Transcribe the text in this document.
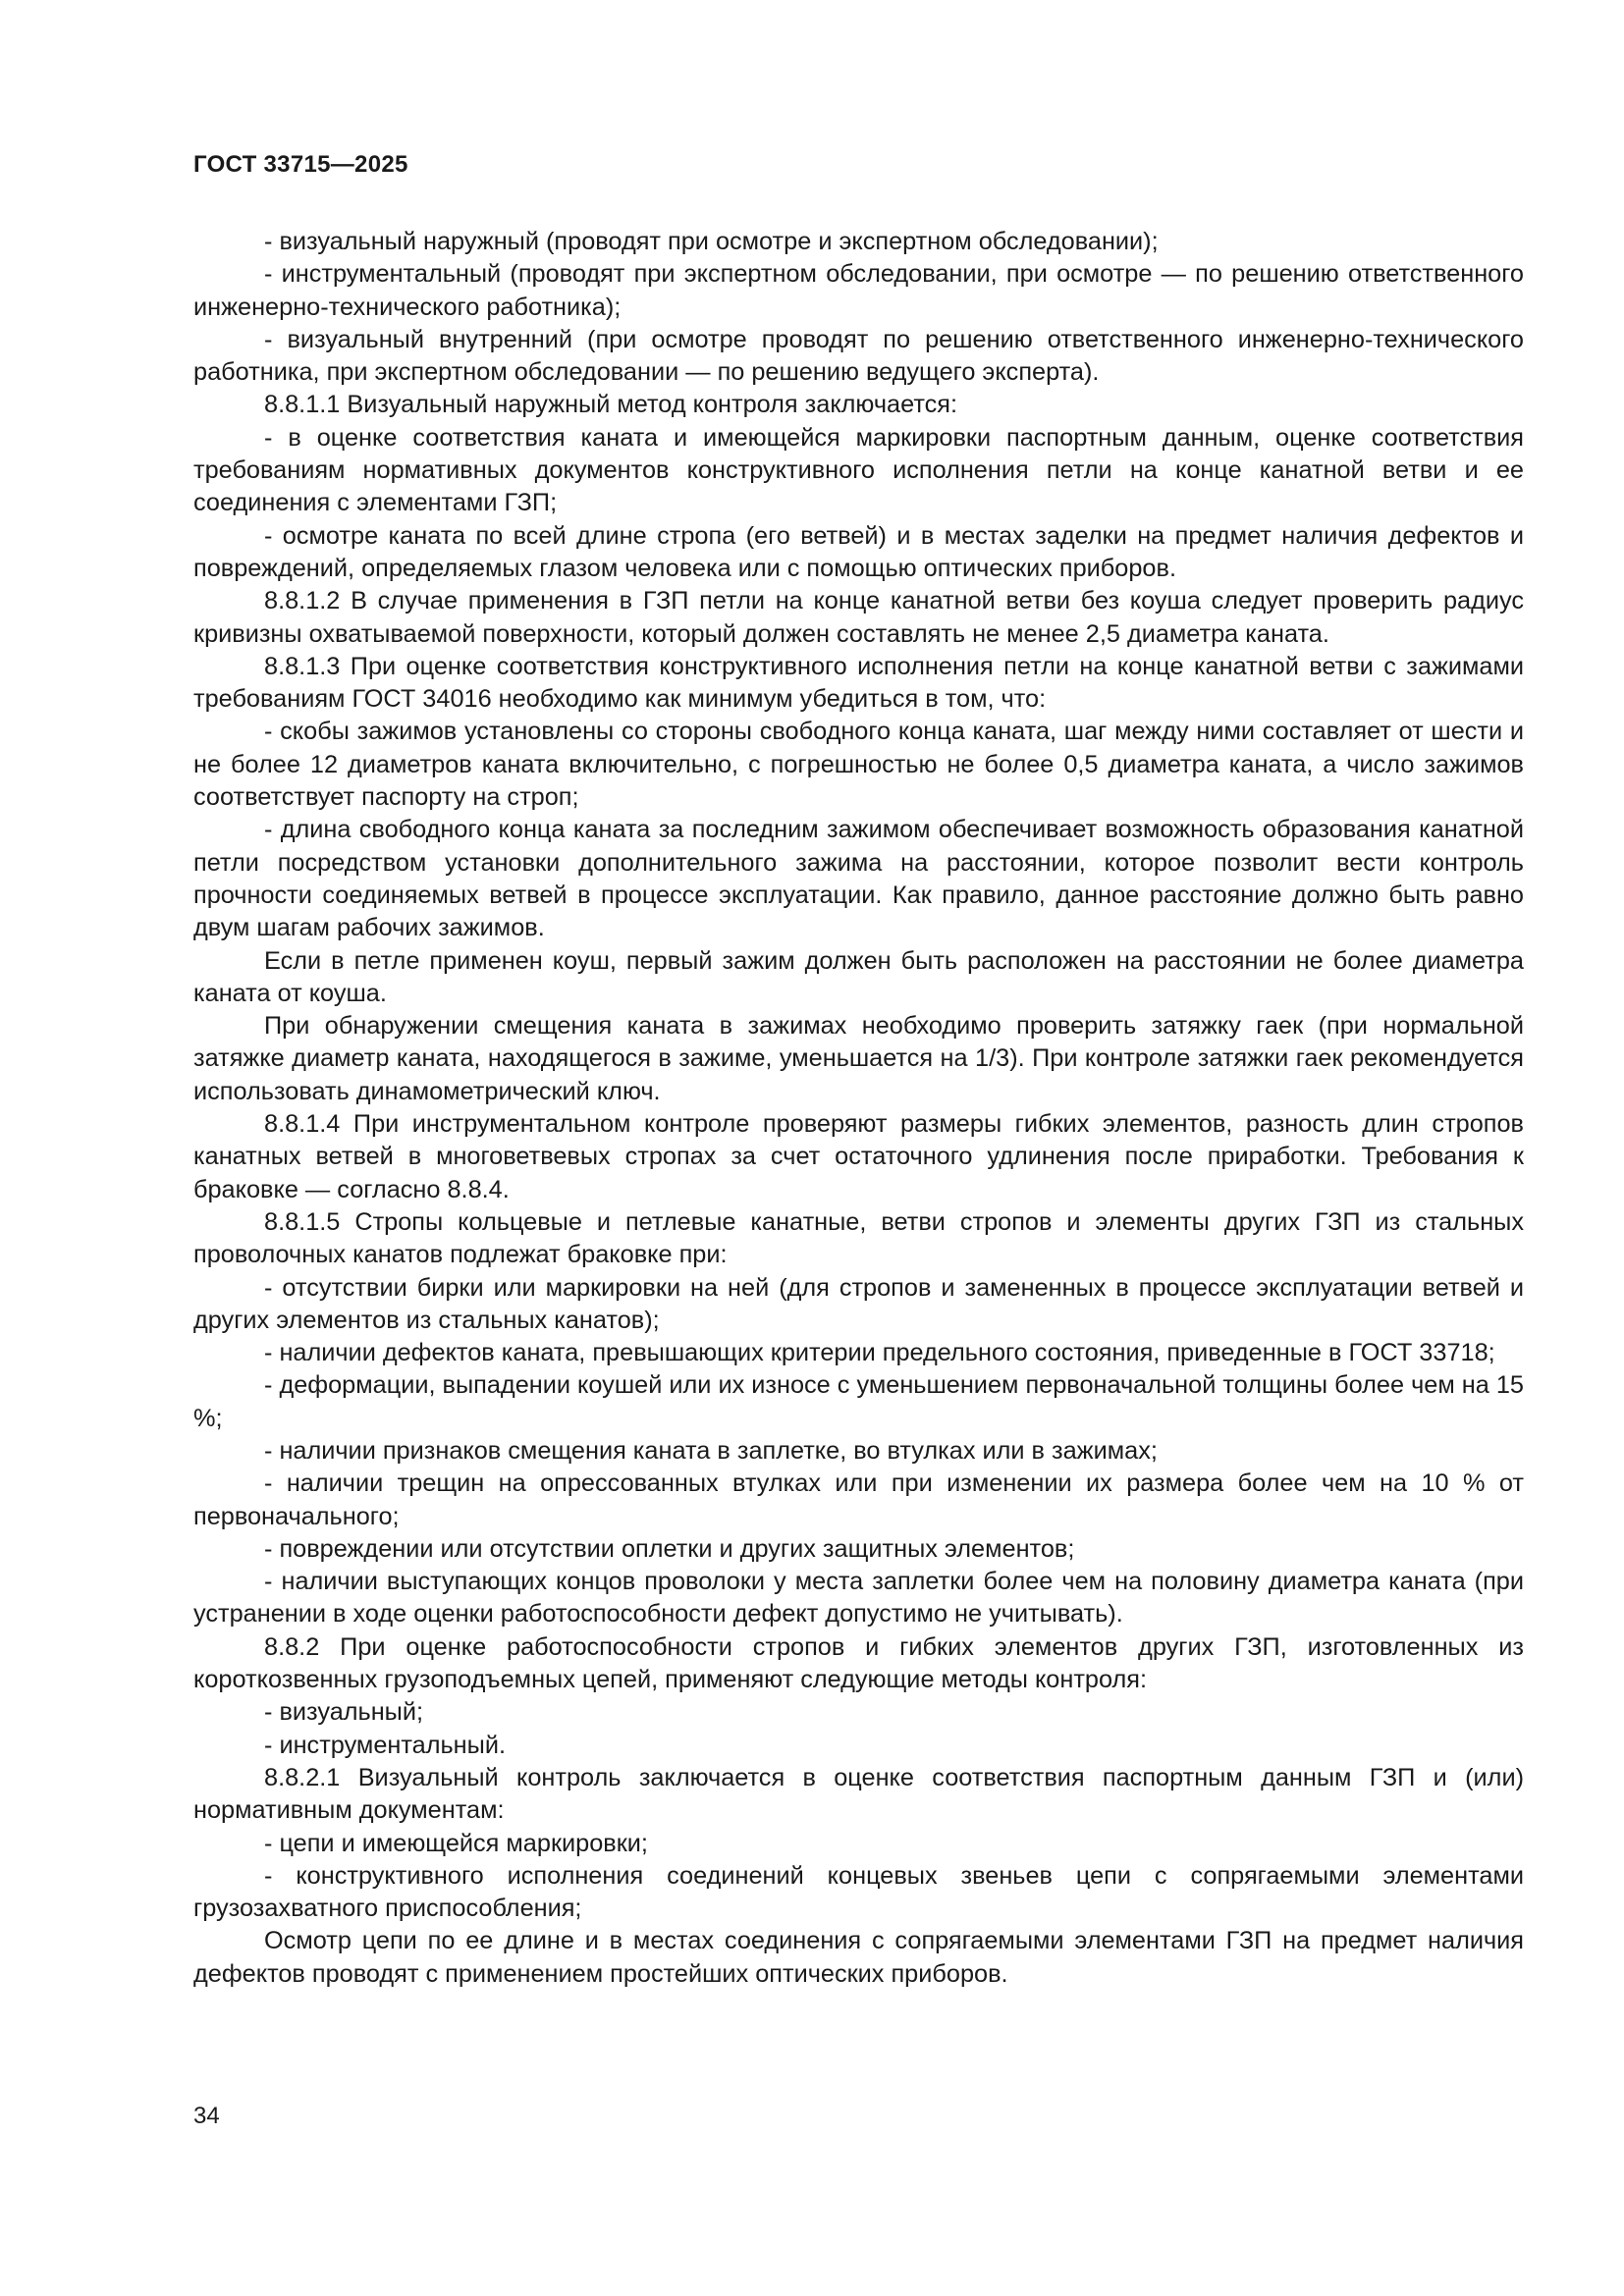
ГОСТ 33715—2025

- визуальный наружный (проводят при осмотре и экспертном обследовании);

- инструментальный (проводят при экспертном обследовании, при осмотре — по решению ответственного инженерно-технического работника);

- визуальный внутренний (при осмотре проводят по решению ответственного инженерно-технического работника, при экспертном обследовании — по решению ведущего эксперта).

8.8.1.1 Визуальный наружный метод контроля заключается:

- в оценке соответствия каната и имеющейся маркировки паспортным данным, оценке соответствия требованиям нормативных документов конструктивного исполнения петли на конце канатной ветви и ее соединения с элементами ГЗП;

- осмотре каната по всей длине стропа (его ветвей) и в местах заделки на предмет наличия дефектов и повреждений, определяемых глазом человека или с помощью оптических приборов.

8.8.1.2 В случае применения в ГЗП петли на конце канатной ветви без коуша следует проверить радиус кривизны охватываемой поверхности, который должен составлять не менее 2,5 диаметра каната.

8.8.1.3 При оценке соответствия конструктивного исполнения петли на конце канатной ветви с зажимами требованиям ГОСТ 34016 необходимо как минимум убедиться в том, что:

- скобы зажимов установлены со стороны свободного конца каната, шаг между ними составляет от шести и не более 12 диаметров каната включительно, с погрешностью не более 0,5 диаметра каната, а число зажимов соответствует паспорту на строп;

- длина свободного конца каната за последним зажимом обеспечивает возможность образования канатной петли посредством установки дополнительного зажима на расстоянии, которое позволит вести контроль прочности соединяемых ветвей в процессе эксплуатации. Как правило, данное расстояние должно быть равно двум шагам рабочих зажимов.

Если в петле применен коуш, первый зажим должен быть расположен на расстоянии не более диаметра каната от коуша.

При обнаружении смещения каната в зажимах необходимо проверить затяжку гаек (при нормальной затяжке диаметр каната, находящегося в зажиме, уменьшается на 1/3). При контроле затяжки гаек рекомендуется использовать динамометрический ключ.

8.8.1.4 При инструментальном контроле проверяют размеры гибких элементов, разность длин стропов канатных ветвей в многоветвевых стропах за счет остаточного удлинения после приработки. Требования к браковке — согласно 8.8.4.

8.8.1.5 Стропы кольцевые и петлевые канатные, ветви стропов и элементы других ГЗП из стальных проволочных канатов подлежат браковке при:

- отсутствии бирки или маркировки на ней (для стропов и замененных в процессе эксплуатации ветвей и других элементов из стальных канатов);

- наличии дефектов каната, превышающих критерии предельного состояния, приведенные в ГОСТ 33718;

- деформации, выпадении коушей или их износе с уменьшением первоначальной толщины более чем на 15 %;

- наличии признаков смещения каната в заплетке, во втулках или в зажимах;

- наличии трещин на опрессованных втулках или при изменении их размера более чем на 10 % от первоначального;

- повреждении или отсутствии оплетки и других защитных элементов;

- наличии выступающих концов проволоки у места заплетки более чем на половину диаметра каната (при устранении в ходе оценки работоспособности дефект допустимо не учитывать).

8.8.2 При оценке работоспособности стропов и гибких элементов других ГЗП, изготовленных из короткозвенных грузоподъемных цепей, применяют следующие методы контроля:

- визуальный;

- инструментальный.

8.8.2.1 Визуальный контроль заключается в оценке соответствия паспортным данным ГЗП и (или) нормативным документам:

- цепи и имеющейся маркировки;

- конструктивного исполнения соединений концевых звеньев цепи с сопрягаемыми элементами грузозахватного приспособления;

Осмотр цепи по ее длине и в местах соединения с сопрягаемыми элементами ГЗП на предмет наличия дефектов проводят с применением простейших оптических приборов.

34
